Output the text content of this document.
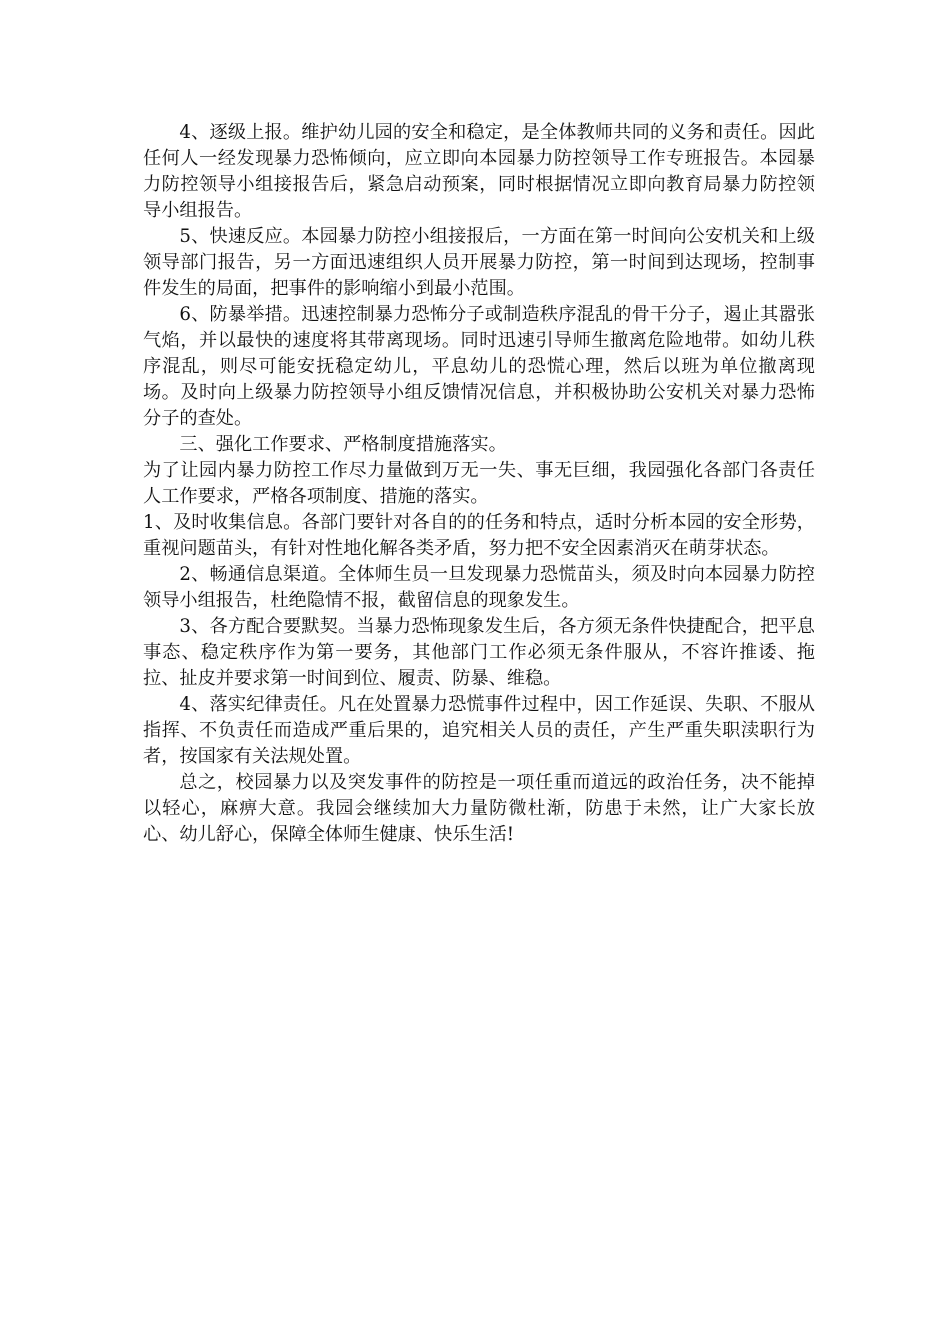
4、逐级上报。维护幼儿园的安全和稳定，是全体教师共同的义务和责任。因此任何人一经发现暴力恐怖倾向，应立即向本园暴力防控领导工作专班报告。本园暴力防控领导小组接报告后，紧急启动预案，同时根据情况立即向教育局暴力防控领导小组报告。

5、快速反应。本园暴力防控小组接报后，一方面在第一时间向公安机关和上级领导部门报告，另一方面迅速组织人员开展暴力防控，第一时间到达现场，控制事件发生的局面，把事件的影响缩小到最小范围。

6、防暴举措。迅速控制暴力恐怖分子或制造秩序混乱的骨干分子，遏止其嚣张气焰，并以最快的速度将其带离现场。同时迅速引导师生撤离危险地带。如幼儿秩序混乱，则尽可能安抚稳定幼儿，平息幼儿的恐慌心理，然后以班为单位撤离现场。及时向上级暴力防控领导小组反馈情况信息，并积极协助公安机关对暴力恐怖分子的查处。

三、强化工作要求、严格制度措施落实。

为了让园内暴力防控工作尽力量做到万无一失、事无巨细，我园强化各部门各责任人工作要求，严格各项制度、措施的落实。

1、及时收集信息。各部门要针对各自的的任务和特点，适时分析本园的安全形势，重视问题苗头，有针对性地化解各类矛盾，努力把不安全因素消灭在萌芽状态。

2、畅通信息渠道。全体师生员一旦发现暴力恐慌苗头，须及时向本园暴力防控领导小组报告，杜绝隐情不报，截留信息的现象发生。

3、各方配合要默契。当暴力恐怖现象发生后，各方须无条件快捷配合，把平息事态、稳定秩序作为第一要务，其他部门工作必须无条件服从，不容许推诿、拖拉、扯皮并要求第一时间到位、履责、防暴、维稳。

4、落实纪律责任。凡在处置暴力恐慌事件过程中，因工作延误、失职、不服从指挥、不负责任而造成严重后果的，追究相关人员的责任，产生严重失职渎职行为者，按国家有关法规处置。

总之，校园暴力以及突发事件的防控是一项任重而道远的政治任务，决不能掉以轻心，麻痹大意。我园会继续加大力量防微杜渐，防患于未然，让广大家长放心、幼儿舒心，保障全体师生健康、快乐生活!
